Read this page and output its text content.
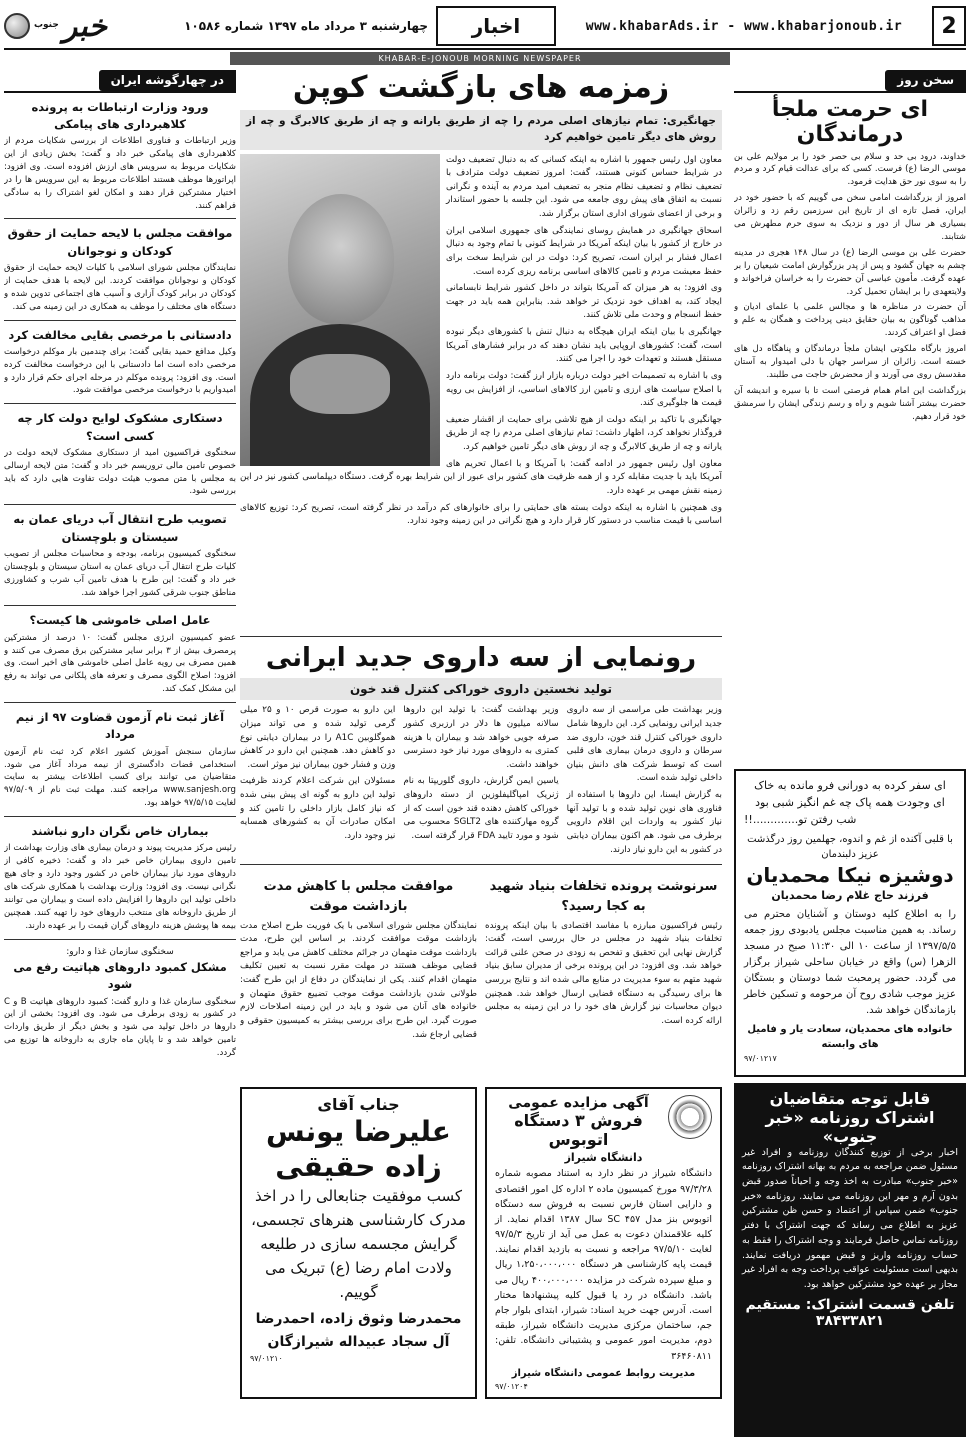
2
www.khabarAds.ir - www.khabarjonoub.ir
اخبار
چهارشنبه ۳ مرداد ماه ۱۳۹۷ شماره ۱۰۵۸۶
خبر
جنوب
KHABAR-E-JONOUB MORNING NEWSPAPER
سخن روز
ای حرمت ملجأ درماندگان

خداوند، درود بی حد و سلام بی حصر خود را بر مولایم علی بن موسی الرضا (ع) فرست. کسی که برای عدالت قیام کرد و مردم را به سوی نور حق هدایت فرمود.

امروز از بزرگداشت امامی سخن می گوییم که با حضور خود در ایران، فصل تازه ای از تاریخ این سرزمین رقم زد و زائران بسیاری هر سال از دور و نزدیک به سوی حرم مطهرش می شتابند.

حضرت علی بن موسی الرضا (ع) در سال ۱۴۸ هجری در مدینه چشم به جهان گشود و پس از پدر بزرگوارش امامت شیعیان را بر عهده گرفت. مأمون عباسی آن حضرت را به خراسان فراخواند و ولایتعهدی را بر ایشان تحمیل کرد.

آن حضرت در مناظره ها و مجالس علمی با علمای ادیان و مذاهب گوناگون به بیان حقایق دینی پرداخت و همگان به علم و فضل او اعتراف کردند.

امروز بارگاه ملکوتی ایشان ملجأ درماندگان و پناهگاه دل های خسته است. زائران از سراسر جهان با دلی امیدوار به آستان مقدسش روی می آورند و از محضرش حاجت می طلبند.

بزرگداشت این امام همام فرصتی است تا با سیره و اندیشه آن حضرت بیشتر آشنا شویم و راه و رسم زندگی ایشان را سرمشق خود قرار دهیم.

ای سفر کرده به دورانی فرو مانده به خاک
ای وجودت همه پاک چه غم انگیز شبی بود
شب رفتن تو.............!!
با قلبی آکنده از غم و اندوه، جهلمین روز درگذشت عزیز دلبندمان
دوشیزه نیکا محمدیان
فرزند حاج غلام رضا محمدیان
را به اطلاع کلیه دوستان و آشنایان محترم می رساند. به همین مناسبت مجلس یادبودی روز جمعه ۱۳۹۷/۵/۵ از ساعت ۱۰ الی ۱۱:۳۰ صبح در مسجد الزهرا (س) واقع در خیابان ساحلی شیراز برگزار می گردد. حضور پرمحبت شما دوستان و بستگان عزیز موجب شادی روح آن مرحومه و تسکین خاطر بازماندگان خواهد شد.
خانواده های محمدیان، سعادت یار و فامیل های وابسته
۹۷/۰۱۲۱۷
قابل توجه متقاضیان اشتراک روزنامه «خبر جنوب»
اخبار برخی از توزیع کنندگان روزنامه و افراد غیر مسئول ضمن مراجعه به مردم به بهانه اشتراک روزنامه «خبر جنوب» مبادرت به اخذ وجه و احیاناً صدور قبض بدون آرم و مهر این روزنامه می نمایند. روزنامه «خبر جنوب» ضمن سپاس از اعتماد و حسن ظن مشترکین عزیز به اطلاع می رساند که جهت اشتراک با دفتر روزنامه تماس حاصل فرمایند و وجه اشتراک را فقط به حساب روزنامه واریز و قبض مهمور دریافت نمایند. بدیهی است مسئولیت عواقب پرداخت وجه به افراد غیر مجاز بر عهده خود مشترکین خواهد بود.
تلفن قسمت اشتراک: مستقیم ۳۸۴۳۳۸۲۱
زمزمه های بازگشت کوپن
جهانگیری: تمام نیازهای اصلی مردم را چه از طریق یارانه و چه از طریق کالابرگ و چه از روش های دیگر تامین خواهیم کرد

معاون اول رئیس جمهور با اشاره به اینکه کسانی که به دنبال تضعیف دولت در شرایط حساس کنونی هستند، گفت: امروز تضعیف دولت مترادف با تضعیف نظام و تضعیف نظام منجر به تضعیف امید مردم به آینده و نگرانی نسبت به اتفاق های پیش روی جامعه می شود. این جلسه با حضور استاندار و برخی از اعضای شورای اداری استان برگزار شد.

اسحاق جهانگیری در همایش روسای نمایندگی های جمهوری اسلامی ایران در خارج از کشور با بیان اینکه آمریکا در شرایط کنونی با تمام وجود به دنبال اعمال فشار بر ایران است، تصریح کرد: دولت در این شرایط سخت برای حفظ معیشت مردم و تامین کالاهای اساسی برنامه ریزی کرده است.

وی افزود: به هر میزان که آمریکا بتواند در داخل کشور شرایط نابسامانی ایجاد کند، به اهداف خود نزدیک تر خواهد شد. بنابراین همه باید در جهت حفظ انسجام و وحدت ملی تلاش کنند.

جهانگیری با بیان اینکه ایران هیچگاه به دنبال تنش با کشورهای دیگر نبوده است، گفت: کشورهای اروپایی باید نشان دهند که در برابر فشارهای آمریکا مستقل هستند و تعهدات خود را اجرا می کنند.

وی با اشاره به تصمیمات اخیر دولت درباره بازار ارز گفت: دولت برنامه دارد با اصلاح سیاست های ارزی و تامین ارز کالاهای اساسی، از افزایش بی رویه قیمت ها جلوگیری کند.

جهانگیری با تاکید بر اینکه دولت از هیچ تلاشی برای حمایت از اقشار ضعیف فروگذار نخواهد کرد، اظهار داشت: تمام نیازهای اصلی مردم را چه از طریق یارانه و چه از طریق کالابرگ و چه از روش های دیگر تامین خواهیم کرد.

معاون اول رئیس جمهور در ادامه گفت: با آمریکا و با اعمال تحریم های آمریکا باید با جدیت مقابله کرد و از همه ظرفیت های کشور برای عبور از این شرایط بهره گرفت. دستگاه دیپلماسی کشور نیز در این زمینه نقش مهمی بر عهده دارد.

وی همچنین با اشاره به اینکه دولت بسته های حمایتی را برای خانوارهای کم درآمد در نظر گرفته است، تصریح کرد: توزیع کالاهای اساسی با قیمت مناسب در دستور کار قرار دارد و هیچ نگرانی در این زمینه وجود ندارد.

رونمایی از سه داروی جدید ایرانی
تولید نخستین داروی خوراکی کنترل قند خون

وزیر بهداشت طی مراسمی از سه داروی جدید ایرانی رونمایی کرد. این داروها شامل داروی خوراکی کنترل قند خون، داروی ضد سرطان و داروی درمان بیماری های قلبی است که توسط شرکت های دانش بنیان داخلی تولید شده است.

به گزارش ایسنا، این داروها با استفاده از فناوری های نوین تولید شده و با تولید آنها نیاز کشور به واردات این اقلام دارویی برطرف می شود. هم اکنون بیماران دیابتی در کشور به این دارو نیاز دارند.

وزیر بهداشت گفت: با تولید این داروها سالانه میلیون ها دلار در ارزبری کشور صرفه جویی خواهد شد و بیماران با هزینه کمتری به داروهای مورد نیاز خود دسترسی خواهند داشت.

یاسین ایمن گزارش، داروی گلوریپتا به نام ژنریک امپاگلیفلوزین از دسته داروهای خوراکی کاهش دهنده قند خون است که از گروه مهارکننده های SGLT2 محسوب می شود و مورد تایید FDA قرار گرفته است.

این دارو به صورت قرص ۱۰ و ۲۵ میلی گرمی تولید شده و می تواند میزان هموگلوبین A1C را در بیماران دیابتی نوع دو کاهش دهد. همچنین این دارو در کاهش وزن و فشار خون بیماران نیز موثر است.

مسئولان این شرکت اعلام کردند ظرفیت تولید این دارو به گونه ای پیش بینی شده که نیاز کامل بازار داخلی را تامین کند و امکان صادرات آن به کشورهای همسایه نیز وجود دارد.

سرنوشت پرونده تخلفات بنیاد شهید به کجا رسید؟
رئیس فراکسیون مبارزه با مفاسد اقتصادی با بیان اینکه پرونده تخلفات بنیاد شهید در مجلس در حال بررسی است، گفت: گزارش نهایی این تحقیق و تفحص به زودی در صحن علنی قرائت خواهد شد. وی افزود: در این پرونده برخی از مدیران سابق بنیاد شهید متهم به سوء مدیریت در منابع مالی شده اند و نتایج بررسی ها برای رسیدگی به دستگاه قضایی ارسال خواهد شد. همچنین دیوان محاسبات نیز گزارش های خود را در این زمینه به مجلس ارائه کرده است.
موافقت مجلس با کاهش مدت بازداشت موقت
نمایندگان مجلس شورای اسلامی با یک فوریت طرح اصلاح مدت بازداشت موقت موافقت کردند. بر اساس این طرح، مدت بازداشت موقت متهمان در جرائم مختلف کاهش می یابد و مراجع قضایی موظف هستند در مهلت مقرر نسبت به تعیین تکلیف متهمان اقدام کنند. یکی از نمایندگان در دفاع از این طرح گفت: طولانی شدن بازداشت موقت موجب تضییع حقوق متهمان و خانواده های آنان می شود و باید در این زمینه اصلاحات لازم صورت گیرد. این طرح برای بررسی بیشتر به کمیسیون حقوقی و قضایی ارجاع شد.
آگهی مزایده عمومی
فروش ۳ دستگاه اتوبوس
دانشگاه شیراز
دانشگاه شیراز در نظر دارد به استناد مصوبه شماره ۹۷/۳/۲۸ مورخ کمیسیون ماده ۲ اداره کل امور اقتصادی و دارایی استان فارس نسبت به فروش سه دستگاه اتوبوس بنز مدل ۴۵۷ SC سال ۱۳۸۷ اقدام نماید. از کلیه علاقمندان دعوت به عمل می آید از تاریخ ۹۷/۵/۳ لغایت ۹۷/۵/۱۰ مراجعه و نسبت به بازدید اقدام نمایند. قیمت پایه کارشناسی هر دستگاه ۱،۲۵۰،۰۰۰،۰۰۰ ریال و مبلغ سپرده شرکت در مزایده ۴۰۰،۰۰۰،۰۰۰ ریال می باشد. دانشگاه در رد یا قبول کلیه پیشنهادها مختار است. آدرس جهت خرید اسناد: شیراز، ابتدای بلوار جام جم، ساختمان مرکزی مدیریت دانشگاه شیراز، طبقه دوم، مدیریت امور عمومی و پشتیبانی دانشگاه. تلفن: ۳۶۴۶۰۸۱۱
مدیریت روابط عمومی دانشگاه شیراز
۹۷/۰۱۲۰۴
جناب آقای
علیرضا یونس زاده حقیقی
کسب موفقیت جنابعالی را در اخذ مدرک کارشناسی هنرهای تجسمی، گرایش مجسمه سازی در طلیعه ولادت امام رضا (ع) تبریک می گوییم.
محمدرضا وثوق زاده، احمدرضا آل سجاد عبیداله شیرازگان
۹۷/۰۱۲۱۰
در چهارگوشه ایران
ورود وزارت ارتباطات به پرونده کلاهبرداری های پیامکی

وزیر ارتباطات و فناوری اطلاعات از بررسی شکایات مردم از کلاهبرداری های پیامکی خبر داد و گفت: بخش زیادی از این شکایات مربوط به سرویس های ارزش افزوده است. وی افزود: اپراتورها موظف هستند اطلاعات مربوط به این سرویس ها را در اختیار مشترکین قرار دهند و امکان لغو اشتراک را به سادگی فراهم کنند.

موافقت مجلس با لایحه حمایت از حقوق کودکان و نوجوانان

نمایندگان مجلس شورای اسلامی با کلیات لایحه حمایت از حقوق کودکان و نوجوانان موافقت کردند. این لایحه با هدف حمایت از کودکان در برابر کودک آزاری و آسیب های اجتماعی تدوین شده و دستگاه های مختلف را موظف به همکاری در این زمینه می کند.

دادستانی با مرخصی بقایی مخالفت کرد

وکیل مدافع حمید بقایی گفت: برای چندمین بار موکلم درخواست مرخصی داده است اما دادستانی با این درخواست مخالفت کرده است. وی افزود: پرونده موکلم در مرحله اجرای حکم قرار دارد و امیدواریم با درخواست مرخصی موافقت شود.

دستکاری مشکوک لوایح دولت کار چه کسی است؟

سخنگوی فراکسیون امید از دستکاری مشکوک لایحه دولت در خصوص تامین مالی تروریسم خبر داد و گفت: متن لایحه ارسالی به مجلس با متن مصوب هیئت دولت تفاوت هایی دارد که باید بررسی شود.

تصویب طرح انتقال آب دریای عمان به سیستان و بلوچستان

سخنگوی کمیسیون برنامه، بودجه و محاسبات مجلس از تصویب کلیات طرح انتقال آب دریای عمان به استان سیستان و بلوچستان خبر داد و گفت: این طرح با هدف تامین آب شرب و کشاورزی مناطق جنوب شرقی کشور اجرا خواهد شد.

عامل اصلی خاموشی ها کیست؟

عضو کمیسیون انرژی مجلس گفت: ۱۰ درصد از مشترکین پرمصرف بیش از ۳ برابر سایر مشترکین برق مصرف می کنند و همین مصرف بی رویه عامل اصلی خاموشی های اخیر است. وی افزود: اصلاح الگوی مصرف و تعرفه های پلکانی می تواند به رفع این مشکل کمک کند.

آغاز ثبت نام آزمون قضاوت ۹۷ از نیم مرداد

سازمان سنجش آموزش کشور اعلام کرد ثبت نام آزمون استخدامی قضات دادگستری از نیمه مرداد آغاز می شود. متقاضیان می توانند برای کسب اطلاعات بیشتر به سایت www.sanjesh.org مراجعه کنند. مهلت ثبت نام از ۹۷/۵/۰۹ لغایت ۹۷/۵/۱۵ خواهد بود.

بیماران خاص نگران دارو نباشند

رئیس مرکز مدیریت پیوند و درمان بیماری های وزارت بهداشت از تامین داروی بیماران خاص خبر داد و گفت: ذخیره کافی از داروهای مورد نیاز بیماران خاص در کشور وجود دارد و جای هیچ نگرانی نیست. وی افزود: وزارت بهداشت با همکاری شرکت های داخلی تولید این داروها را افزایش داده است و بیماران می توانند از طریق داروخانه های منتخب داروهای خود را تهیه کنند. همچنین بیمه ها پوشش هزینه داروهای گران قیمت را بر عهده دارند.

سخنگوی سازمان غذا و دارو:
مشکل کمبود داروهای هپاتیت رفع می شود

سخنگوی سازمان غذا و دارو گفت: کمبود داروهای هپاتیت B و C در کشور به زودی برطرف می شود. وی افزود: بخشی از این داروها در داخل تولید می شود و بخش دیگر از طریق واردات تامین خواهد شد و تا پایان ماه جاری به داروخانه ها توزیع می گردد.
